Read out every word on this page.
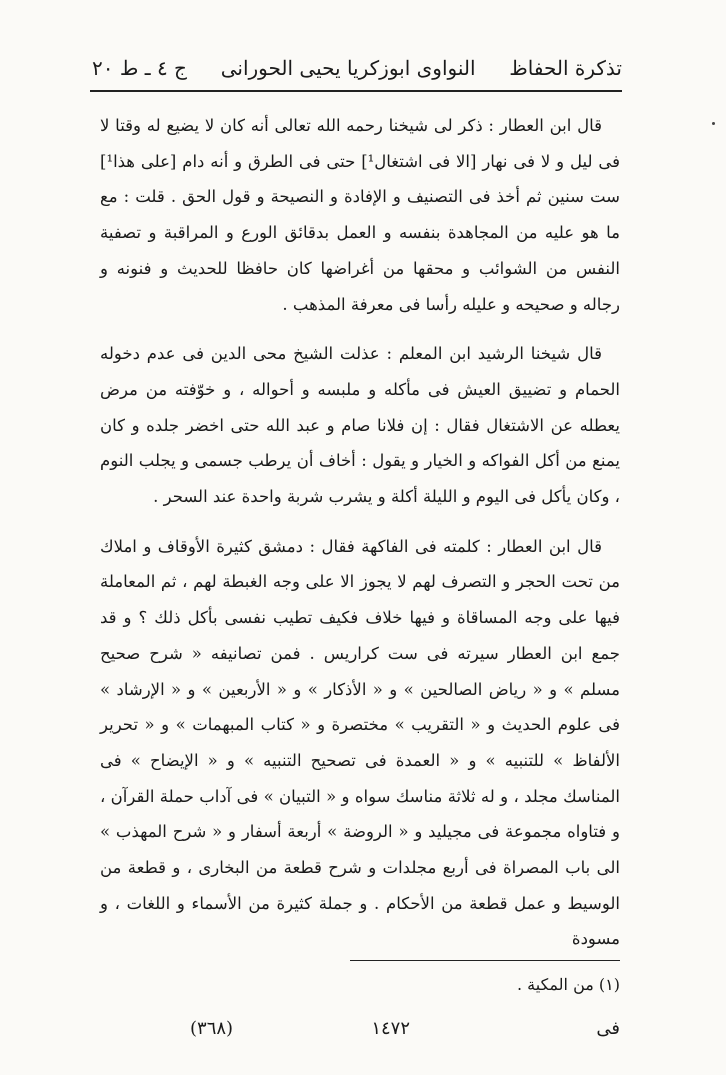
تذكرة الحفاظ
النواوى ابوزكريا يحيى الحورانى
ج ٤ ـ ط ٢٠

قال ابن العطار : ذكر لى شيخنا رحمه الله تعالى أنه كان لا يضيع له وقتا لا فى ليل و لا فى نهار [الا فى اشتغال¹] حتى فى الطرق و أنه دام [على هذا¹] ست سنين ثم أخذ فى التصنيف و الإفادة و النصيحة و قول الحق . قلت : مع ما هو عليه من المجاهدة بنفسه و العمل بدقائق الورع و المراقبة و تصفية النفس من الشوائب و محقها من أغراضها كان حافظا للحديث و فنونه و رجاله و صحيحه و عليله رأسا فى معرفة المذهب .

قال شيخنا الرشيد ابن المعلم : عذلت الشيخ محى الدين فى عدم دخوله الحمام و تضييق العيش فى مأكله و ملبسه و أحواله ، و خوّفته من مرض يعطله عن الاشتغال فقال : إن فلانا صام و عبد الله حتى اخضر جلده و كان يمنع من أكل الفواكه و الخيار و يقول : أخاف أن يرطب جسمى و يجلب النوم ، وكان يأكل فى اليوم و الليلة أكلة و يشرب شربة واحدة عند السحر .

قال ابن العطار : كلمته فى الفاكهة فقال : دمشق كثيرة الأوقاف و املاك من تحت الحجر و التصرف لهم لا يجوز الا على وجه الغبطة لهم ، ثم المعاملة فيها على وجه المساقاة و فيها خلاف فكيف تطيب نفسى بأكل ذلك ؟ و قد جمع ابن العطار سيرته فى ست كراريس . فمن تصانيفه « شرح صحيح مسلم » و « رياض الصالحين » و « الأذكار » و « الأربعين » و « الإرشاد » فى علوم الحديث و « التقريب » مختصرة و « كتاب المبهمات » و « تحرير الألفاظ » للتنبيه » و « العمدة فى تصحيح التنبيه » و « الإيضاح » فى المناسك مجلد ، و له ثلاثة مناسك سواه و « التبيان » فى آداب حملة القرآن ، و فتاواه مجموعة فى مجيليد و « الروضة » أربعة أسفار و « شرح المهذب » الى باب المصراة فى أربع مجلدات و شرح قطعة من البخارى ، و قطعة من الوسيط و عمل قطعة من الأحكام . و جملة كثيرة من الأسماء و اللغات ، و مسودة

(١) من المكية .
فى
١٤٧٢
(٣٦٨)
